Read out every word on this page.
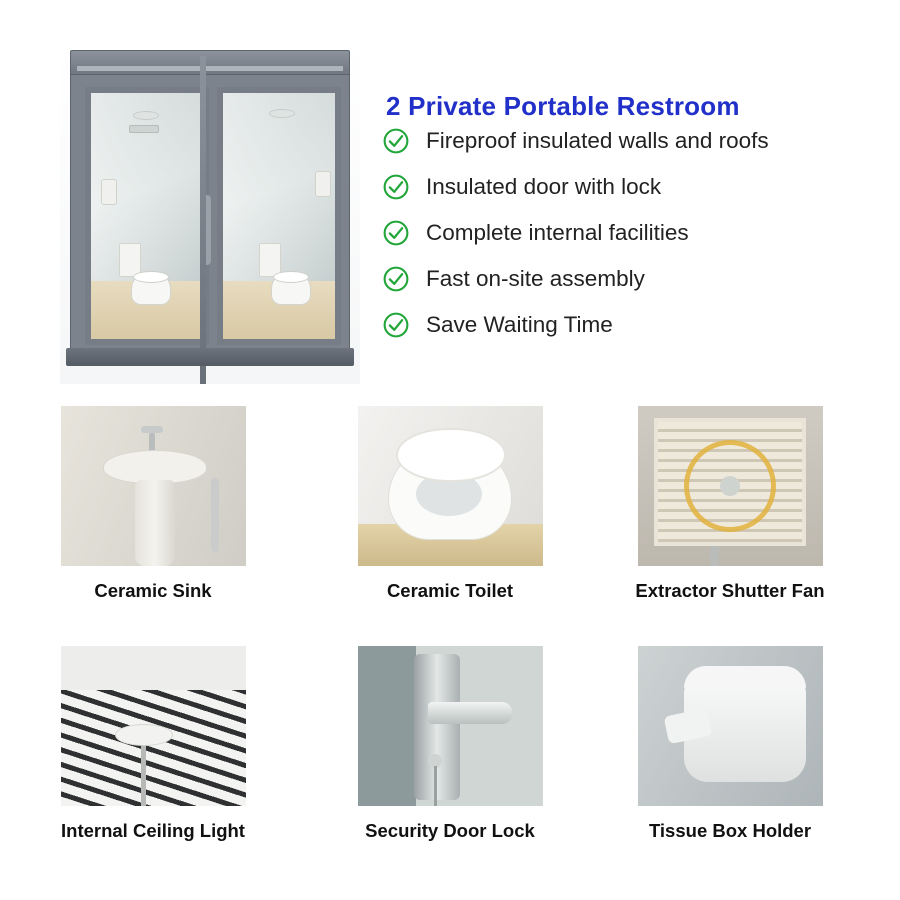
2 Private Portable Restroom
Fireproof insulated walls and roofs
Insulated door with lock
Complete internal facilities
Fast on-site assembly
Save Waiting Time
Ceramic Sink	Ceramic Toilet	Extractor Shutter Fan
Internal Ceiling Light	Security Door Lock	Tissue Box Holder
